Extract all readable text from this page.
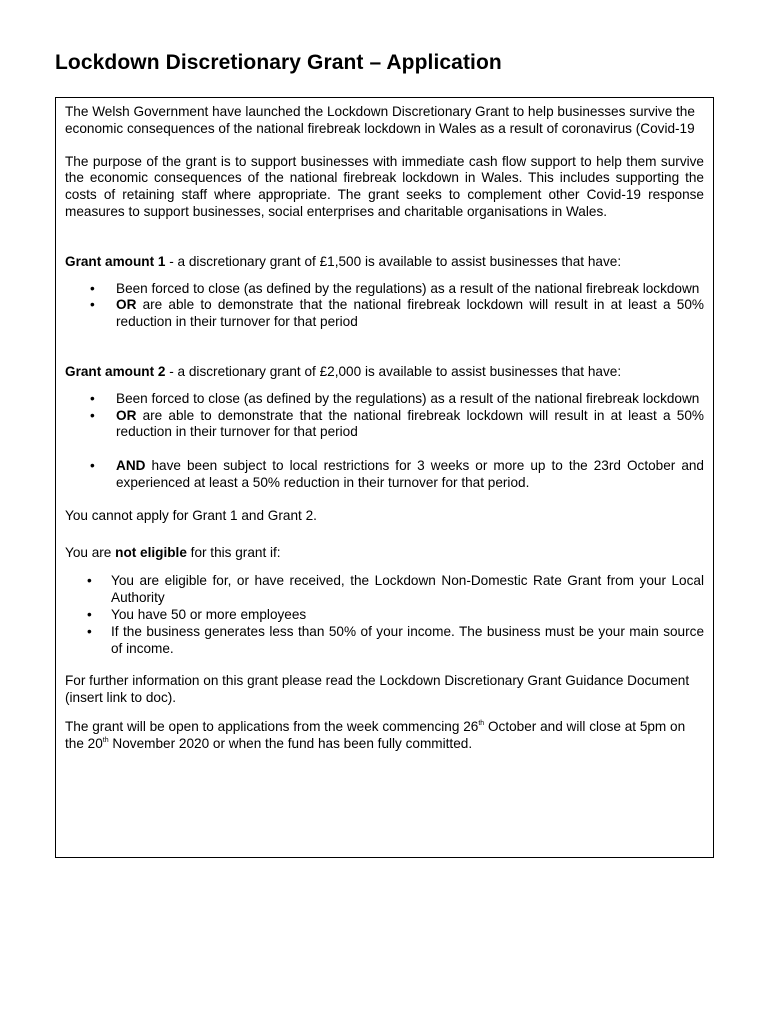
Lockdown Discretionary Grant – Application

The Welsh Government have launched the Lockdown Discretionary Grant to help businesses survive the economic consequences of the national firebreak lockdown in Wales as a result of coronavirus (Covid-19

The purpose of the grant is to support businesses with immediate cash flow support to help them survive the economic consequences of the national firebreak lockdown in Wales. This includes supporting the costs of retaining staff where appropriate. The grant seeks to complement other Covid-19 response measures to support businesses, social enterprises and charitable organisations in Wales.

Grant amount 1 - a discretionary grant of £1,500 is available to assist businesses that have:

• Been forced to close (as defined by the regulations) as a result of the national firebreak lockdown
• OR are able to demonstrate that the national firebreak lockdown will result in at least a 50% reduction in their turnover for that period

Grant amount 2 - a discretionary grant of £2,000 is available to assist businesses that have:

• Been forced to close (as defined by the regulations) as a result of the national firebreak lockdown
• OR are able to demonstrate that the national firebreak lockdown will result in at least a 50% reduction in their turnover for that period
• AND have been subject to local restrictions for 3 weeks or more up to the 23rd October and experienced at least a 50% reduction in their turnover for that period.

You cannot apply for Grant 1 and Grant 2.

You are not eligible for this grant if:

• You are eligible for, or have received, the Lockdown Non-Domestic Rate Grant from your Local Authority
• You have 50 or more employees
• If the business generates less than 50% of your income. The business must be your main source of income.

For further information on this grant please read the Lockdown Discretionary Grant Guidance Document (insert link to doc).

The grant will be open to applications from the week commencing 26th October and will close at 5pm on the 20th November 2020 or when the fund has been fully committed.
